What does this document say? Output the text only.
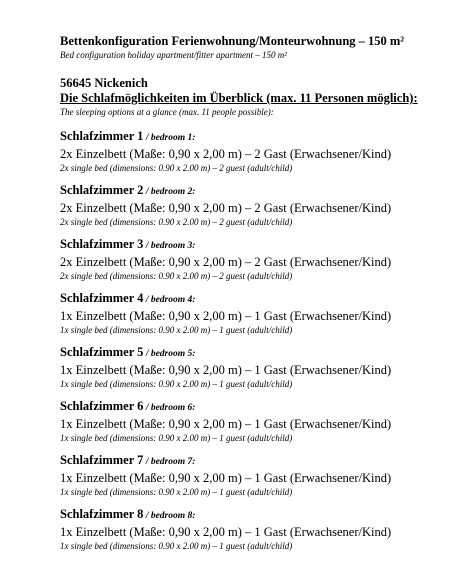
Bettenkonfiguration Ferienwohnung/Monteurwohnung – 150 m²
Bed configuration holiday apartment/fitter apartment – 150 m²
56645 Nickenich
Die Schlafmöglichkeiten im Überblick (max. 11 Personen möglich):
The sleeping options at a glance (max. 11 people possible):
Schlafzimmer 1 / bedroom 1:
2x Einzelbett (Maße: 0,90 x 2,00 m) – 2 Gast (Erwachsener/Kind)
2x single bed (dimensions: 0.90 x 2.00 m) – 2 guest (adult/child)
Schlafzimmer 2 / bedroom 2:
2x Einzelbett (Maße: 0,90 x 2,00 m) – 2 Gast (Erwachsener/Kind)
2x single bed (dimensions: 0.90 x 2.00 m) – 2 guest (adult/child)
Schlafzimmer 3 / bedroom 3:
2x Einzelbett (Maße: 0,90 x 2,00 m) – 2 Gast (Erwachsener/Kind)
2x single bed (dimensions: 0.90 x 2.00 m) – 2 guest (adult/child)
Schlafzimmer 4 / bedroom 4:
1x Einzelbett (Maße: 0,90 x 2,00 m) – 1 Gast (Erwachsener/Kind)
1x single bed (dimensions: 0.90 x 2.00 m) – 1 guest (adult/child)
Schlafzimmer 5 / bedroom 5:
1x Einzelbett (Maße: 0,90 x 2,00 m) – 1 Gast (Erwachsener/Kind)
1x single bed (dimensions: 0.90 x 2.00 m) – 1 guest (adult/child)
Schlafzimmer 6 / bedroom 6:
1x Einzelbett (Maße: 0,90 x 2,00 m) – 1 Gast (Erwachsener/Kind)
1x single bed (dimensions: 0.90 x 2.00 m) – 1 guest (adult/child)
Schlafzimmer 7 / bedroom 7:
1x Einzelbett (Maße: 0,90 x 2,00 m) – 1 Gast (Erwachsener/Kind)
1x single bed (dimensions: 0.90 x 2.00 m) – 1 guest (adult/child)
Schlafzimmer 8 / bedroom 8:
1x Einzelbett (Maße: 0,90 x 2,00 m) – 1 Gast (Erwachsener/Kind)
1x single bed (dimensions: 0.90 x 2.00 m) – 1 guest (adult/child)
